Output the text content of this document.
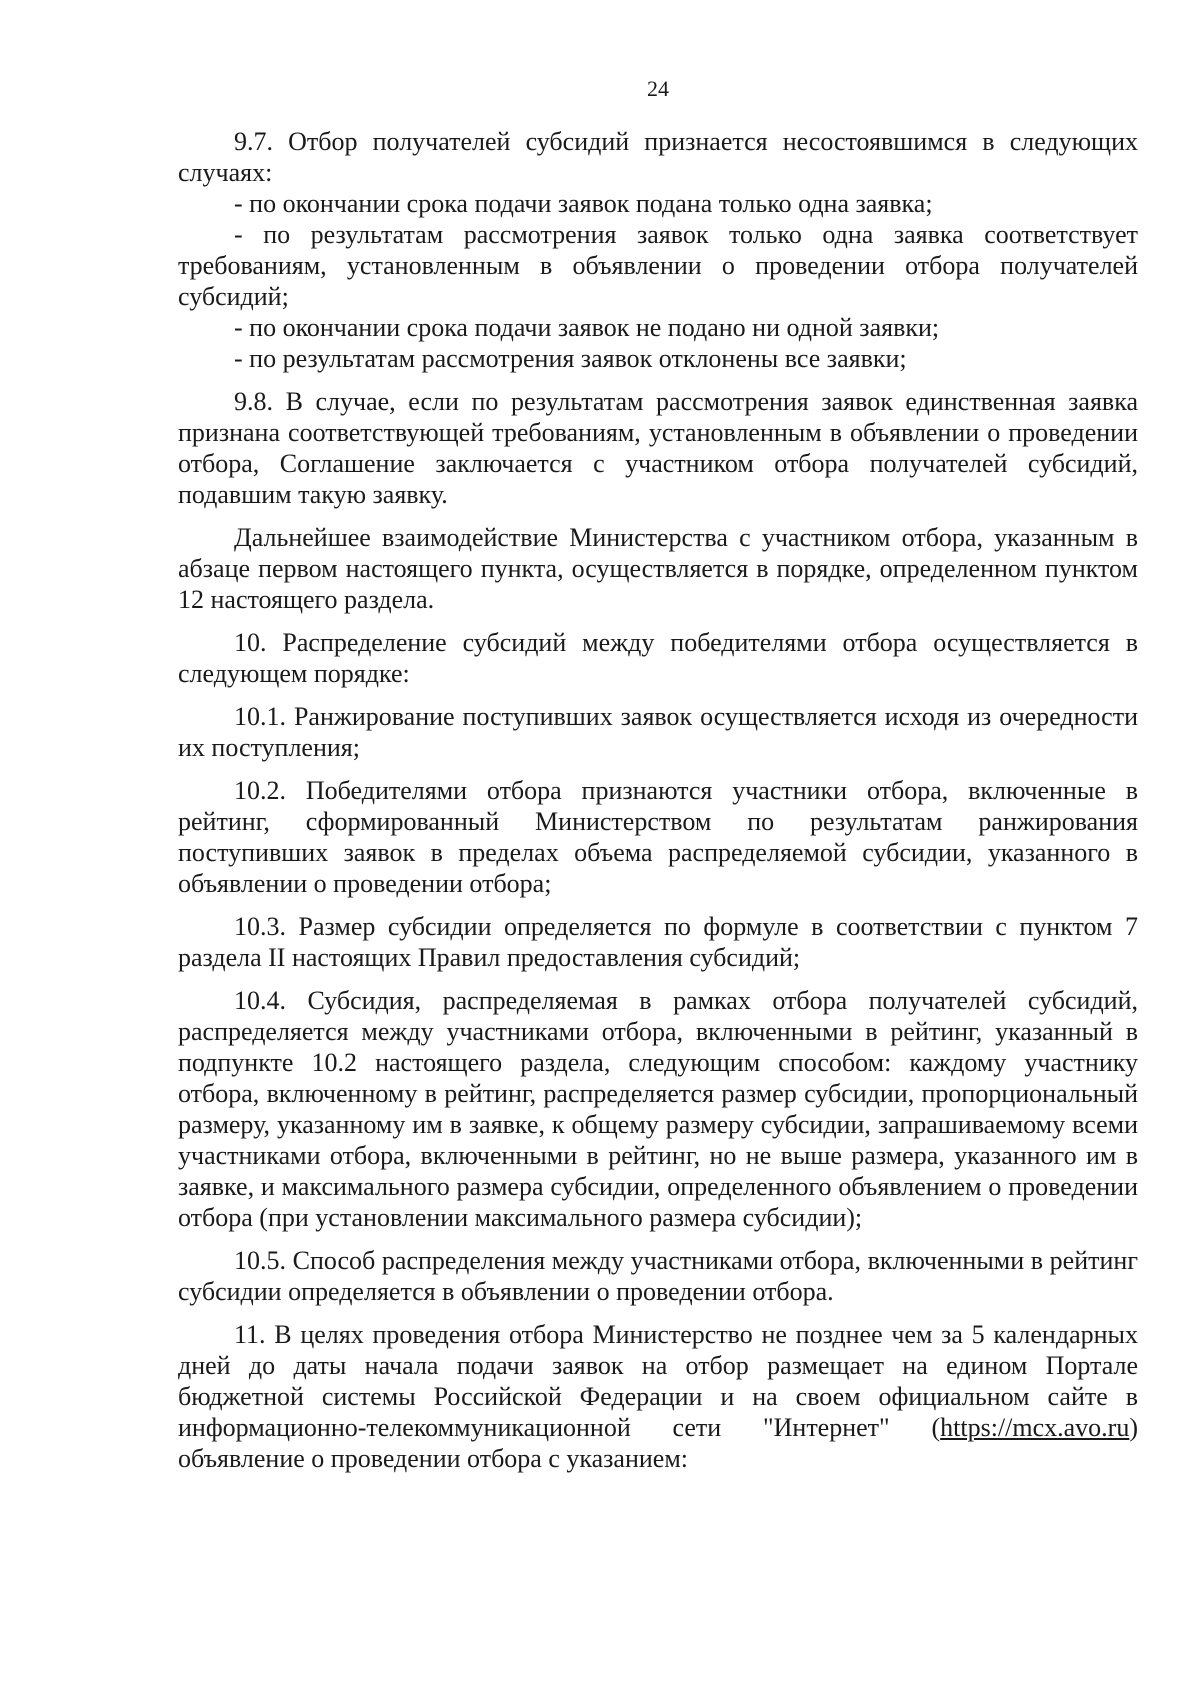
24

9.7. Отбор получателей субсидий признается несостоявшимся в следующих случаях:

- по окончании срока подачи заявок подана только одна заявка;

- по результатам рассмотрения заявок только одна заявка соответствует требованиям, установленным в объявлении о проведении отбора получателей субсидий;

- по окончании срока подачи заявок не подано ни одной заявки;

- по результатам рассмотрения заявок отклонены все заявки;

9.8. В случае, если по результатам рассмотрения заявок единственная заявка признана соответствующей требованиям, установленным в объявлении о проведении отбора, Соглашение заключается с участником отбора получателей субсидий, подавшим такую заявку.

Дальнейшее взаимодействие Министерства с участником отбора, указанным в абзаце первом настоящего пункта, осуществляется в порядке, определенном пунктом 12 настоящего раздела.

10. Распределение субсидий между победителями отбора осуществляется в следующем порядке:

10.1. Ранжирование поступивших заявок осуществляется исходя из очередности их поступления;

10.2. Победителями отбора признаются участники отбора, включенные в рейтинг, сформированный Министерством по результатам ранжирования поступивших заявок в пределах объема распределяемой субсидии, указанного в объявлении о проведении отбора;

10.3. Размер субсидии определяется по формуле в соответствии с пунктом 7 раздела II настоящих Правил предоставления субсидий;

10.4. Субсидия, распределяемая в рамках отбора получателей субсидий, распределяется между участниками отбора, включенными в рейтинг, указанный в подпункте 10.2 настоящего раздела, следующим способом: каждому участнику отбора, включенному в рейтинг, распределяется размер субсидии, пропорциональный размеру, указанному им в заявке, к общему размеру субсидии, запрашиваемому всеми участниками отбора, включенными в рейтинг, но не выше размера, указанного им в заявке, и максимального размера субсидии, определенного объявлением о проведении отбора (при установлении максимального размера субсидии);

10.5. Способ распределения между участниками отбора, включенными в рейтинг субсидии определяется в объявлении о проведении отбора.

11. В целях проведения отбора Министерство не позднее чем за 5 календарных дней до даты начала подачи заявок на отбор размещает на едином Портале бюджетной системы Российской Федерации и на своем официальном сайте в информационно-телекоммуникационной сети "Интернет" (https://mcx.avo.ru) объявление о проведении отбора с указанием:
